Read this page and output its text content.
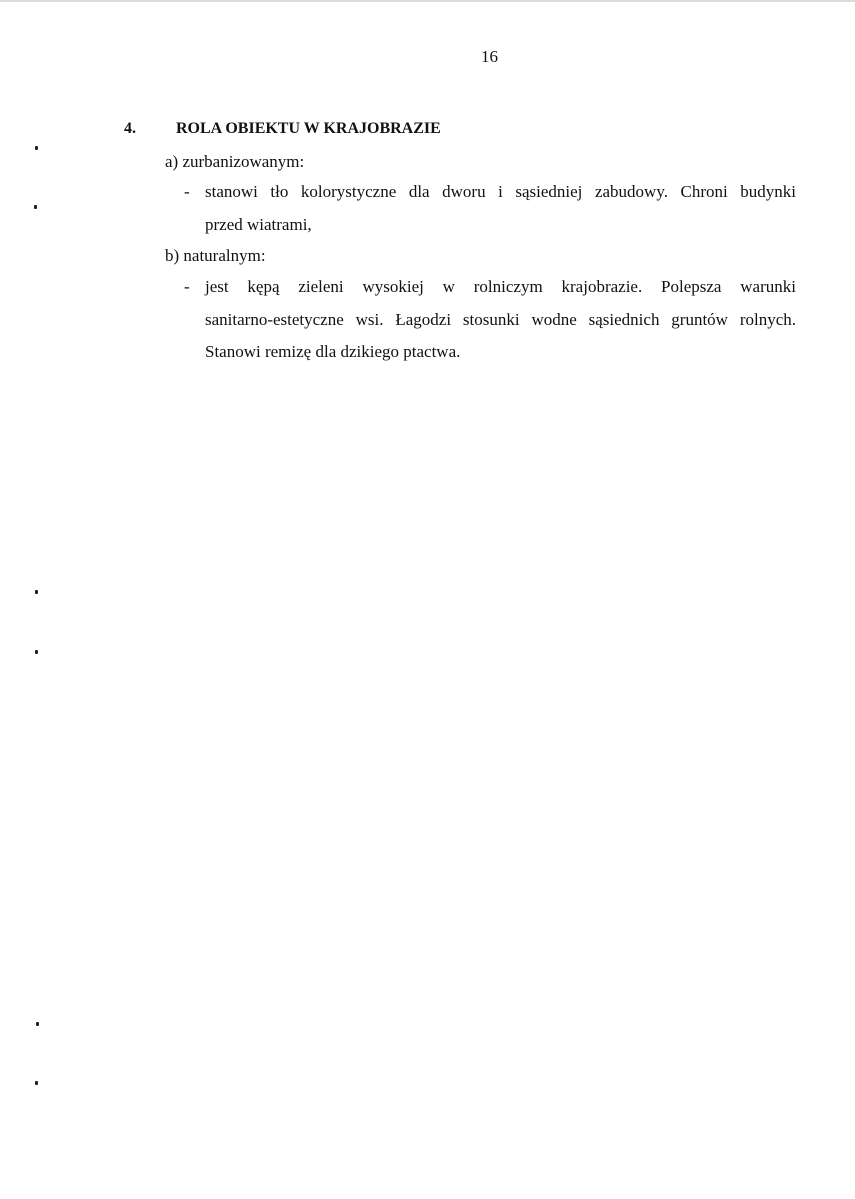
16
4.	ROLA OBIEKTU W KRAJOBRAZIE
a) zurbanizowanym:
- stanowi tło kolorystyczne dla dworu i sąsiedniej zabudowy. Chroni budynki
przed wiatrami,
b) naturalnym:
- jest kępą zieleni wysokiej w rolniczym krajobrazie. Polepsza warunki
sanitarno-estetyczne wsi. Łagodzi stosunki wodne sąsiednich gruntów rolnych.
Stanowi remizę dla dzikiego ptactwa.
